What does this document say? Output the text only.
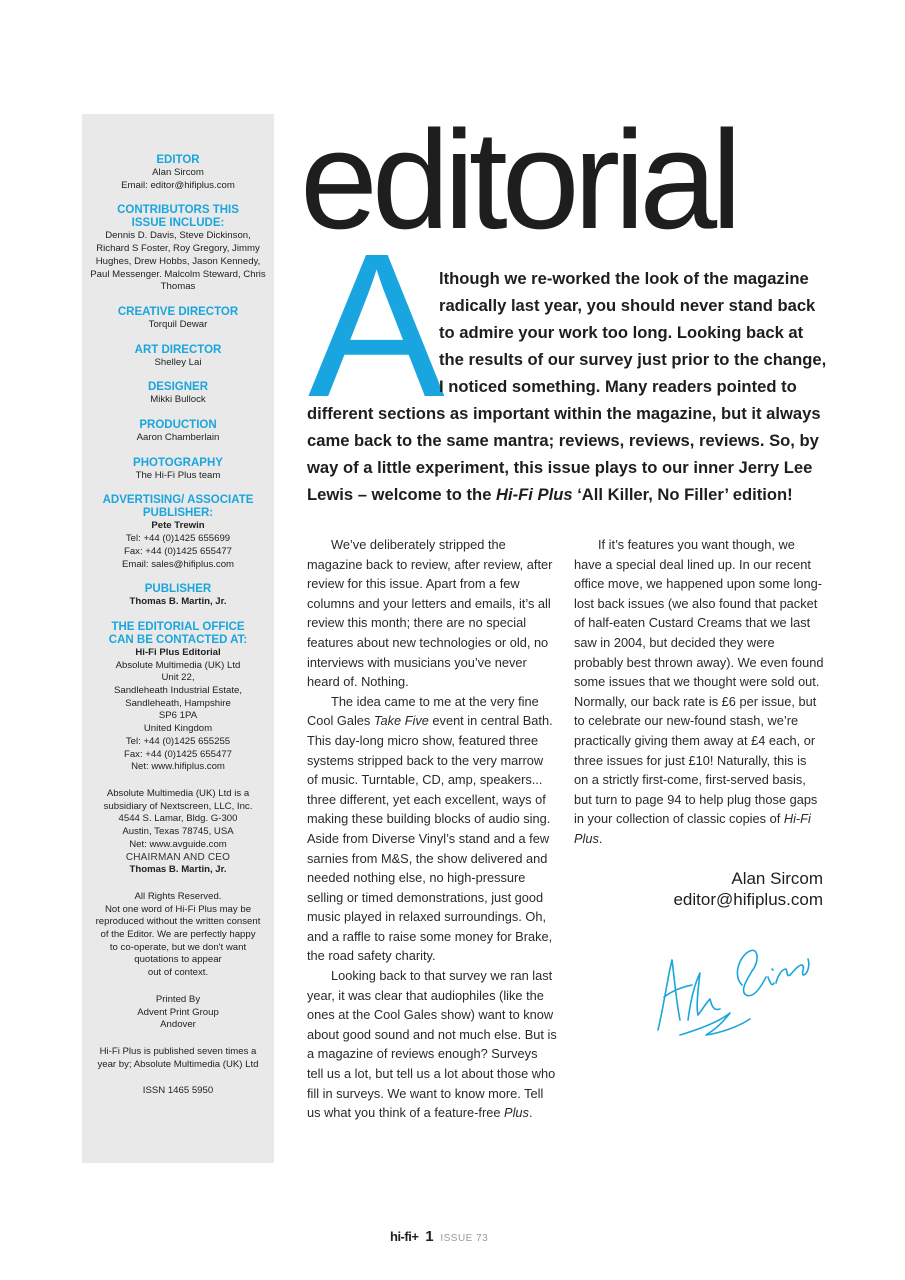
EDITOR
Alan Sircom
Email: editor@hifiplus.com
CONTRIBUTORS THIS ISSUE INCLUDE:
Dennis D. Davis, Steve Dickinson, Richard S Foster, Roy Gregory, Jimmy Hughes, Drew Hobbs, Jason Kennedy, Paul Messenger. Malcolm Steward, Chris Thomas
CREATIVE DIRECTOR
Torquil Dewar
ART DIRECTOR
Shelley Lai
DESIGNER
Mikki Bullock
PRODUCTION
Aaron Chamberlain
PHOTOGRAPHY
The Hi-Fi Plus team
ADVERTISING/ ASSOCIATE PUBLISHER:
Pete Trewin
Tel: +44 (0)1425 655699
Fax: +44 (0)1425 655477
Email: sales@hifiplus.com
PUBLISHER
Thomas B. Martin, Jr.
THE EDITORIAL OFFICE CAN BE CONTACTED AT:
Hi-Fi Plus Editorial
Absolute Multimedia (UK) Ltd
Unit 22,
Sandleheath Industrial Estate,
Sandleheath, Hampshire
SP6 1PA
United Kingdom
Tel: +44 (0)1425 655255
Fax: +44 (0)1425 655477
Net: www.hifiplus.com
Absolute Multimedia (UK) Ltd is a
subsidiary of Nextscreen, LLC, Inc.
4544 S. Lamar, Bldg. G-300
Austin, Texas 78745, USA
Net: www.avguide.com
CHAIRMAN AND CEO
Thomas B. Martin, Jr.
All Rights Reserved.
Not one word of Hi-Fi Plus may be
reproduced without the written consent
of the Editor. We are perfectly happy
to co-operate, but we don't want
quotations to appear
out of context.
Printed By
Advent Print Group
Andover
Hi-Fi Plus is published seven times a
year by; Absolute Multimedia (UK) Ltd
ISSN 1465 5950
editorial
A
lthough we re-worked the look of the magazine
radically last year, you should never stand back
to admire your work too long. Looking back at
the results of our survey just prior to the change,
I noticed something. Many readers pointed to
different sections as important within the magazine, but it always
came back to the same mantra; reviews, reviews, reviews. So, by
way of a little experiment, this issue plays to our inner Jerry Lee
Lewis – welcome to the Hi-Fi Plus ‘All Killer, No Filler’ edition!

We’ve deliberately stripped the magazine back to review, after review, after review for this issue. Apart from a few columns and your letters and emails, it’s all review this month; there are no special features about new technologies or old, no interviews with musicians you’ve never heard of. Nothing.

The idea came to me at the very fine Cool Gales Take Five event in central Bath. This day-long micro show, featured three systems stripped back to the very marrow of music. Turntable, CD, amp, speakers... three different, yet each excellent, ways of making these building blocks of audio sing. Aside from Diverse Vinyl’s stand and a few sarnies from M&S, the show delivered and needed nothing else, no high-pressure selling or timed demonstrations, just good music played in relaxed surroundings. Oh, and a raffle to raise some money for Brake, the road safety charity.

Looking back to that survey we ran last year, it was clear that audiophiles (like the ones at the Cool Gales show) want to know about good sound and not much else. But is a magazine of reviews enough? Surveys tell us a lot, but tell us a lot about those who fill in surveys. We want to know more. Tell us what you think of a feature-free Plus.

If it’s features you want though, we have a special deal lined up. In our recent office move, we happened upon some long-lost back issues (we also found that packet of half-eaten Custard Creams that we last saw in 2004, but decided they were probably best thrown away). We even found some issues that we thought were sold out. Normally, our back rate is £6 per issue, but to celebrate our new-found stash, we’re practically giving them away at £4 each, or three issues for just £10! Naturally, this is on a strictly first-come, first-served basis, but turn to page 94 to help plug those gaps in your collection of classic copies of Hi-Fi Plus.

Alan Sircom
editor@hifiplus.com
hi-fi+ 1 ISSUE 73
